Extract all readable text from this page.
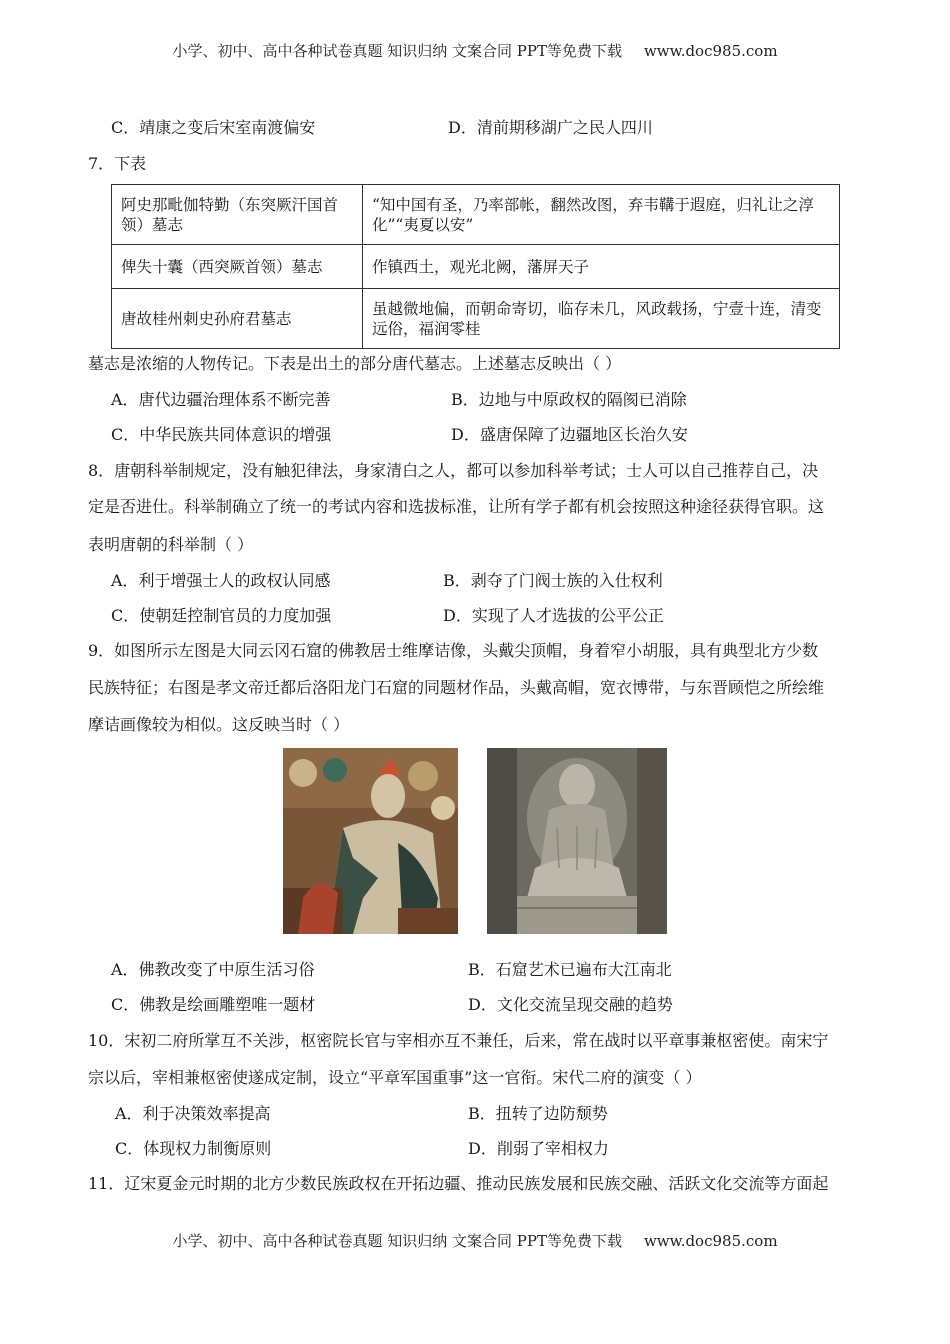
小学、初中、高中各种试卷真题 知识归纳 文案合同 PPT等免费下载 www.doc985.com
C．靖康之变后宋室南渡偏安	D．清前期移湖广之民人四川
7．下表
阿史那毗伽特勤（东突厥汗国首领）墓志	“知中国有圣，乃率部帐，翻然改图，弃韦鞲于遐庭，归礼让之淳化”“夷夏以安”
俾失十囊（西突厥首领）墓志	作镇西土，观光北阙，藩屏天子
唐故桂州刺史孙府君墓志	虽越微地偏，而朝命寄切，临存未几，风政载扬，宁壹十连，清变远俗，福润零桂
墓志是浓缩的人物传记。下表是出土的部分唐代墓志。上述墓志反映出（ ）
A．唐代边疆治理体系不断完善	B．边地与中原政权的隔阂已消除
C．中华民族共同体意识的增强	D．盛唐保障了边疆地区长治久安
8．唐朝科举制规定，没有触犯律法，身家清白之人，都可以参加科举考试；士人可以自己推荐自己，决
定是否进仕。科举制确立了统一的考试内容和选拔标准，让所有学子都有机会按照这种途径获得官职。这
表明唐朝的科举制（ ）
A．利于增强士人的政权认同感	B．剥夺了门阀士族的入仕权利
C．使朝廷控制官员的力度加强	D．实现了人才选拔的公平公正
9．如图所示左图是大同云冈石窟的佛教居士维摩诘像，头戴尖顶帽，身着窄小胡服，具有典型北方少数
民族特征；右图是孝文帝迁都后洛阳龙门石窟的同题材作品，头戴高帽，宽衣博带，与东晋顾恺之所绘维
摩诘画像较为相似。这反映当时（ ）
A．佛教改变了中原生活习俗	B．石窟艺术已遍布大江南北
C．佛教是绘画雕塑唯一题材	D．文化交流呈现交融的趋势
10．宋初二府所掌互不关涉，枢密院长官与宰相亦互不兼任，后来，常在战时以平章事兼枢密使。南宋宁
宗以后，宰相兼枢密使遂成定制，设立“平章军国重事”这一官衔。宋代二府的演变（ ）
A．利于决策效率提高	B．扭转了边防颓势
C．体现权力制衡原则	D．削弱了宰相权力
11．辽宋夏金元时期的北方少数民族政权在开拓边疆、推动民族发展和民族交融、活跃文化交流等方面起
小学、初中、高中各种试卷真题 知识归纳 文案合同 PPT等免费下载 www.doc985.com
